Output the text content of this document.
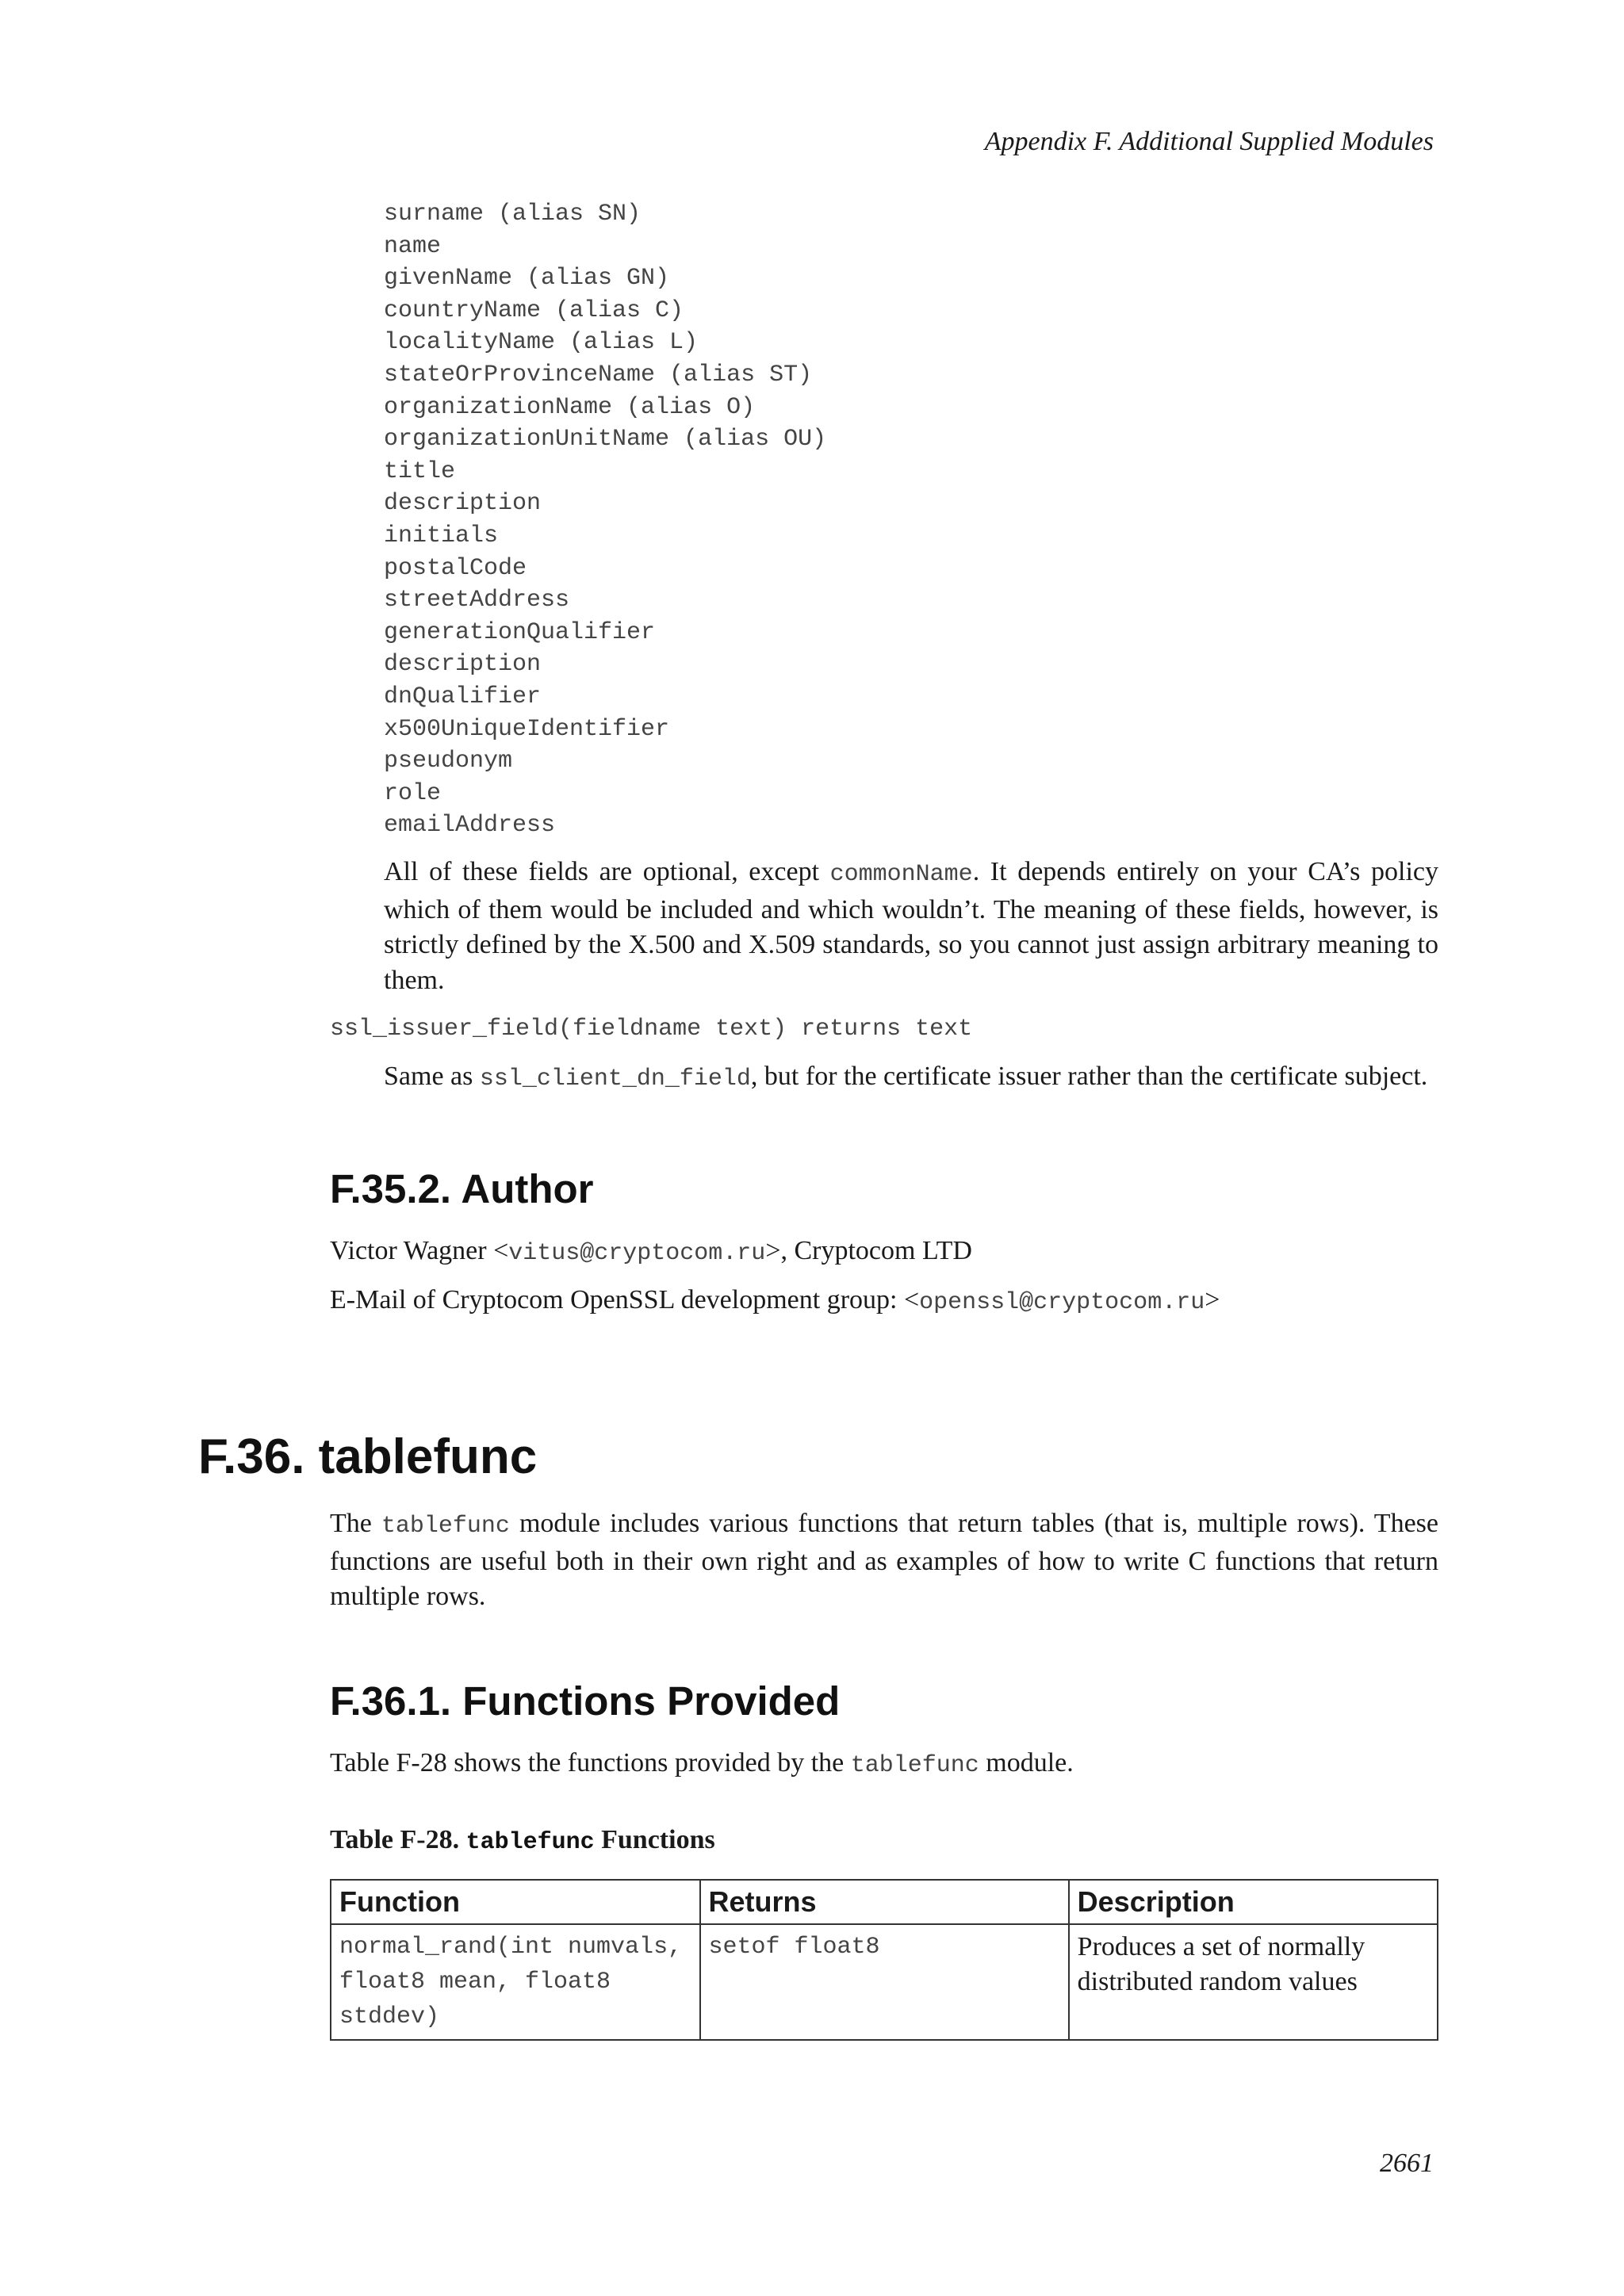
Appendix F. Additional Supplied Modules
surname (alias SN)
name
givenName (alias GN)
countryName (alias C)
localityName (alias L)
stateOrProvinceName (alias ST)
organizationName (alias O)
organizationUnitName (alias OU)
title
description
initials
postalCode
streetAddress
generationQualifier
description
dnQualifier
x500UniqueIdentifier
pseudonym
role
emailAddress
All of these fields are optional, except commonName. It depends entirely on your CA’s policy which of them would be included and which wouldn’t. The meaning of these fields, however, is strictly defined by the X.500 and X.509 standards, so you cannot just assign arbitrary meaning to them.
ssl_issuer_field(fieldname text) returns text
Same as ssl_client_dn_field, but for the certificate issuer rather than the certificate subject.
F.35.2. Author
Victor Wagner <vitus@cryptocom.ru>, Cryptocom LTD
E-Mail of Cryptocom OpenSSL development group: <openssl@cryptocom.ru>
F.36. tablefunc
The tablefunc module includes various functions that return tables (that is, multiple rows). These functions are useful both in their own right and as examples of how to write C functions that return multiple rows.
F.36.1. Functions Provided
Table F-28 shows the functions provided by the tablefunc module.
Table F-28. tablefunc Functions
Function	Returns	Description
normal_rand(int numvals, float8 mean, float8 stddev)	setof float8	Produces a set of normally distributed random values
2661
